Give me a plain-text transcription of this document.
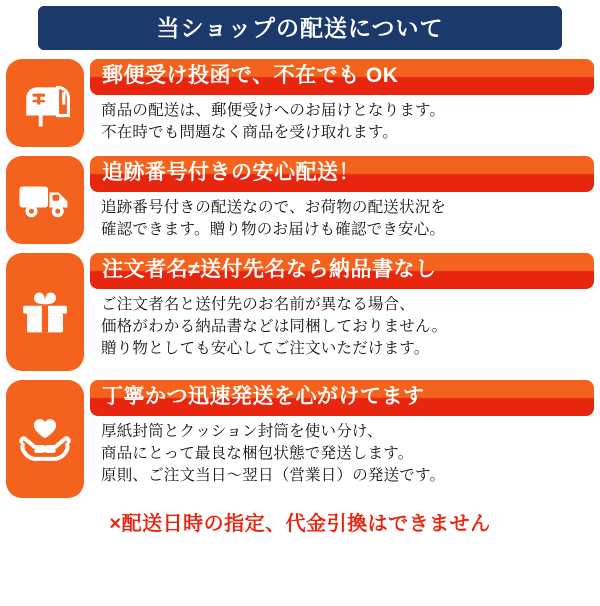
当ショップの配送について
郵便受け投函で、不在でも OK
商品の配送は、郵便受けへのお届けとなります。
不在時でも問題なく商品を受け取れます。
追跡番号付きの安心配送！
追跡番号付きの配送なので、お荷物の配送状況を
確認できます。贈り物のお届けも確認でき安心。
注文者名≠送付先名なら納品書なし
ご注文者名と送付先のお名前が異なる場合、
価格がわかる納品書などは同梱しておりません。
贈り物としても安心してご注文いただけます。
丁寧かつ迅速発送を心がけてます
厚紙封筒とクッション封筒を使い分け、
商品にとって最良な梱包状態で発送します。
原則、ご注文当日〜翌日（営業日）の発送です。
×配送日時の指定、代金引換はできません
